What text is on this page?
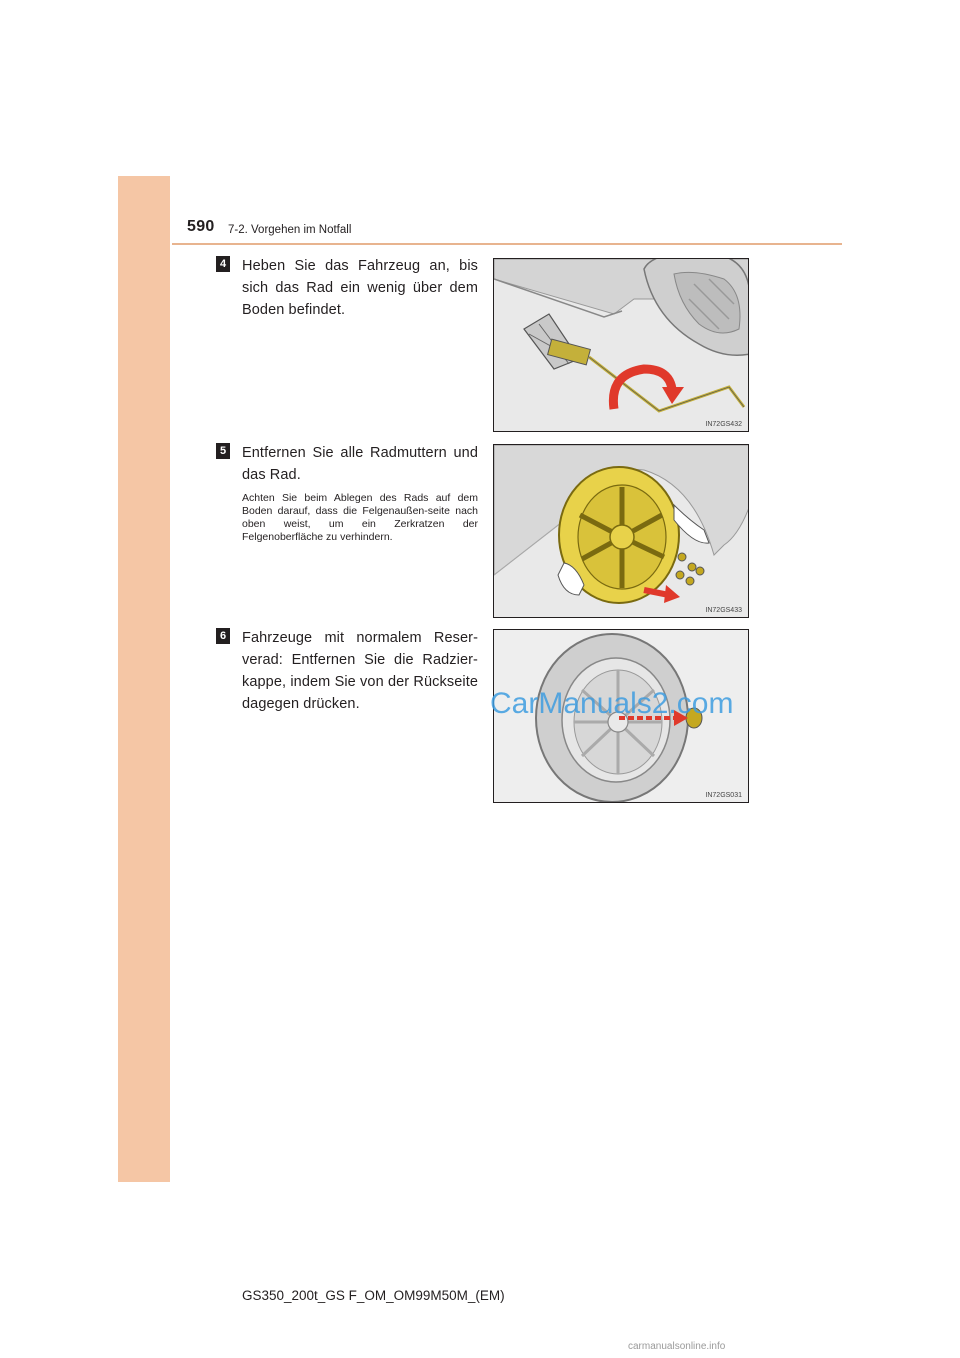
590 7-2. Vorgehen im Notfall
4 Heben Sie das Fahrzeug an, bis sich das Rad ein wenig über dem Boden befindet.
IN72GS432
5 Entfernen Sie alle Radmuttern und das Rad.
Achten Sie beim Ablegen des Rads auf dem Boden darauf, dass die Felgenaußen-seite nach oben weist, um ein Zerkratzen der Felgenoberfläche zu verhindern.
IN72GS433
6 Fahrzeuge mit normalem Reser-verad: Entfernen Sie die Radzier-kappe, indem Sie von der Rückseite dagegen drücken.
IN72GS031
CarManuals2.com
GS350_200t_GS F_OM_OM99M50M_(EM)
carmanualsonline.info
